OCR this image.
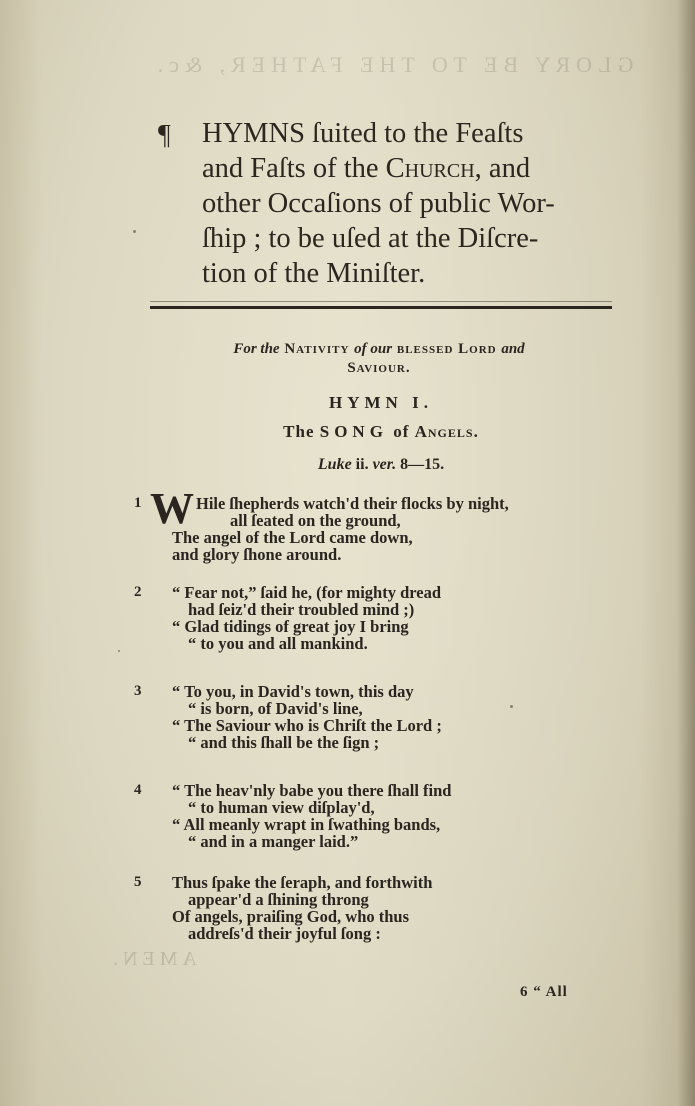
GLORY BE TO THE FATHER, &c.
¶	HYMNS ſuited to the Feaſts
and Faſts of the Church, and
other Occaſions of public Wor-
ſhip ; to be uſed at the Diſcre-
tion of the Miniſter.
For the Nativity of our blessed Lord and
Saviour.
HYMN I.
The SONG of Angels.
Luke ii. ver. 8—15.
1 W Hile ſhepherds watch'd their flocks by night,
all ſeated on the ground,
The angel of the Lord came down,
and glory ſhone around.
2	“ Fear not,” ſaid he, (for mighty dread
had ſeiz'd their troubled mind ;)
“ Glad tidings of great joy I bring
“ to you and all mankind.
3	“ To you, in David's town, this day
“ is born, of David's line,
“ The Saviour who is Chriſt the Lord ;
“ and this ſhall be the ſign ;
4	“ The heav'nly babe you there ſhall find
“ to human view diſplay'd,
“ All meanly wrapt in ſwathing bands,
“ and in a manger laid.”
5	Thus ſpake the ſeraph, and forthwith
appear'd a ſhining throng
Of angels, praiſing God, who thus
addreſs'd their joyful ſong :
AMEN.
6 “ All
